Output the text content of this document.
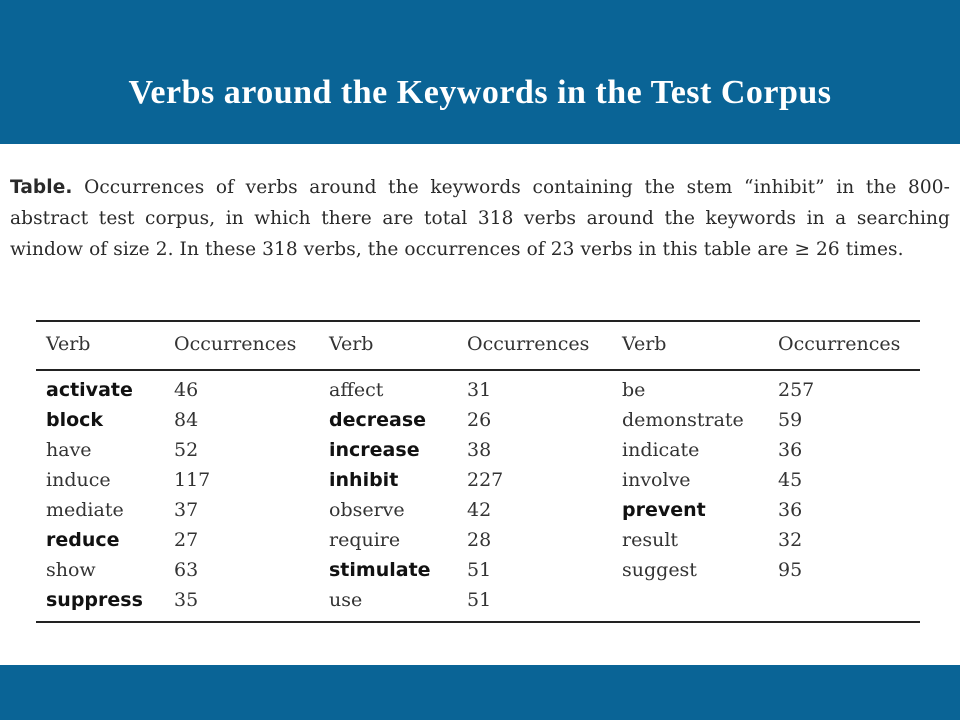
Verbs around the Keywords in the Test Corpus
Table. Occurrences of verbs around the keywords containing the stem “inhibit” in the 800-abstract test corpus, in which there are total 318 verbs around the keywords in a searching window of size 2. In these 318 verbs, the occurrences of 23 verbs in this table are ≥ 26 times.
Verb	Occurrences	Verb	Occurrences	Verb	Occurrences
activate	46	affect	31	be	257
block	84	decrease	26	demonstrate	59
have	52	increase	38	indicate	36
induce	117	inhibit	227	involve	45
mediate	37	observe	42	prevent	36
reduce	27	require	28	result	32
show	63	stimulate	51	suggest	95
suppress	35	use	51		
